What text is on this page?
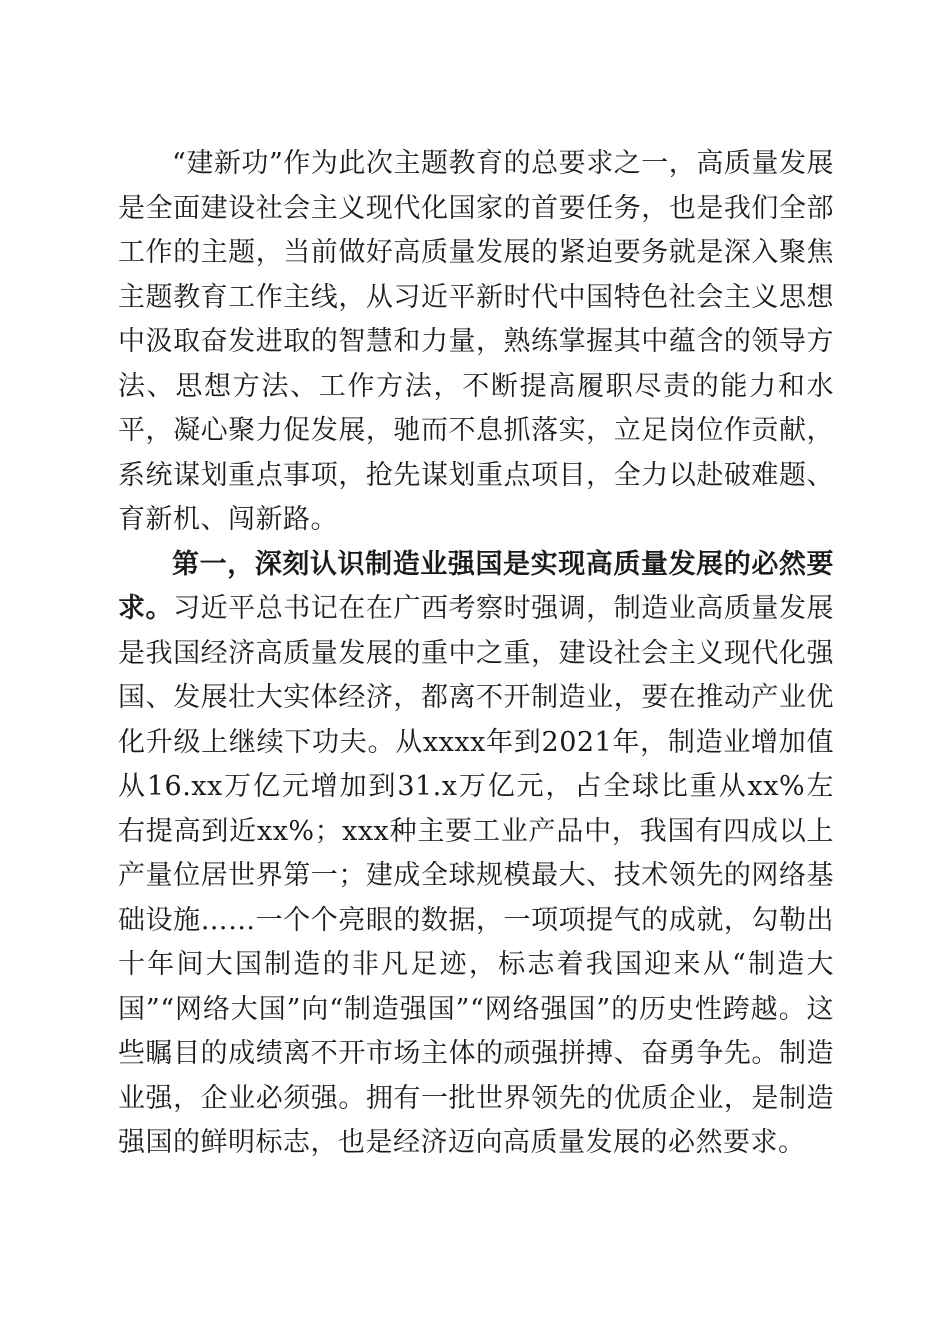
“建新功”作为此次主题教育的总要求之一，高质量发展是全面建设社会主义现代化国家的首要任务，也是我们全部工作的主题，当前做好高质量发展的紧迫要务就是深入聚焦主题教育工作主线，从习近平新时代中国特色社会主义思想中汲取奋发进取的智慧和力量，熟练掌握其中蕴含的领导方法、思想方法、工作方法，不断提高履职尽责的能力和水平，凝心聚力促发展，驰而不息抓落实，立足岗位作贡献，系统谋划重点事项，抢先谋划重点项目，全力以赴破难题、育新机、闯新路。

第一，深刻认识制造业强国是实现高质量发展的必然要求。习近平总书记在在广西考察时强调，制造业高质量发展是我国经济高质量发展的重中之重，建设社会主义现代化强国、发展壮大实体经济，都离不开制造业，要在推动产业优化升级上继续下功夫。从xxxx年到2021年，制造业增加值从16.xx万亿元增加到31.x万亿元，占全球比重从xx%左右提高到近xx%；xxx种主要工业产品中，我国有四成以上产量位居世界第一；建成全球规模最大、技术领先的网络基础设施……一个个亮眼的数据，一项项提气的成就，勾勒出十年间大国制造的非凡足迹，标志着我国迎来从“制造大国”“网络大国”向“制造强国”“网络强国”的历史性跨越。这些瞩目的成绩离不开市场主体的顽强拼搏、奋勇争先。制造业强，企业必须强。拥有一批世界领先的优质企业，是制造强国的鲜明标志，也是经济迈向高质量发展的必然要求。
